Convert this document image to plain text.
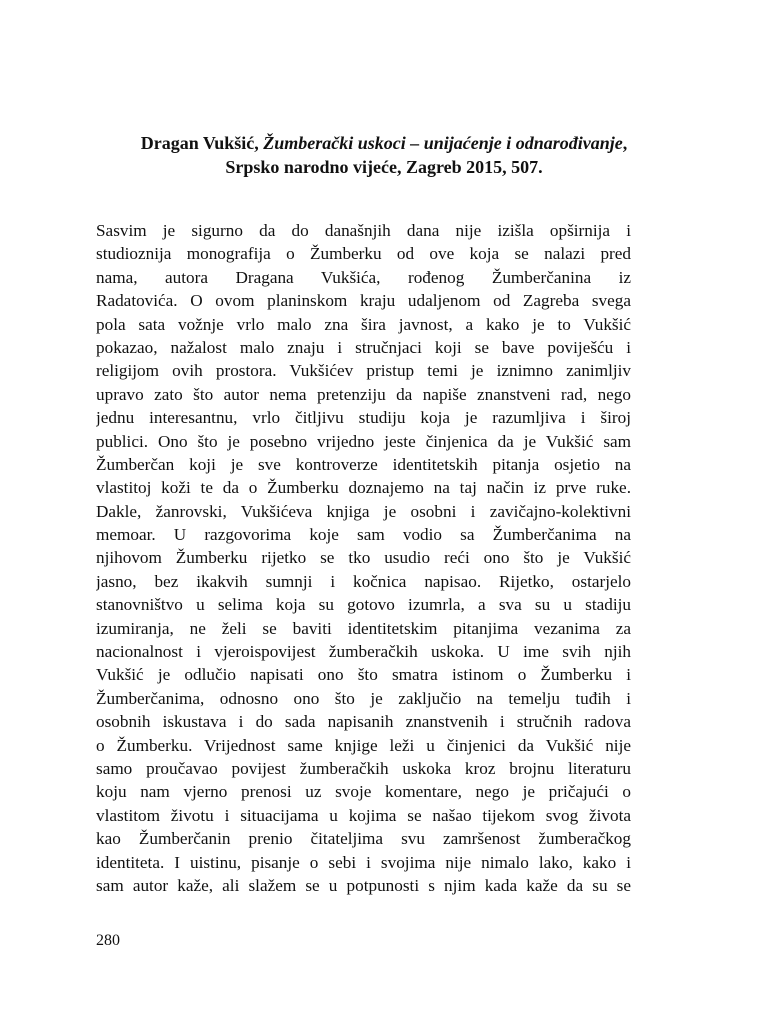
Dragan Vukšić, Žumberački uskoci – unijaćenje i odnarođivanje,
Srpsko narodno vijeće, Zagreb 2015, 507.
Sasvim je sigurno da do današnjih dana nije izišla opširnija i
studioznija monografija o Žumberku od ove koja se nalazi pred
nama, autora Dragana Vukšića, rođenog Žumberčanina iz
Radatovića. O ovom planinskom kraju udaljenom od Zagreba svega
pola sata vožnje vrlo malo zna šira javnost, a kako je to Vukšić
pokazao, nažalost malo znaju i stručnjaci koji se bave poviješću i
religijom ovih prostora. Vukšićev pristup temi je iznimno zanimljiv
upravo zato što autor nema pretenziju da napiše znanstveni rad, nego
jednu interesantnu, vrlo čitljivu studiju koja je razumljiva i široj
publici. Ono što je posebno vrijedno jeste činjenica da je Vukšić sam
Žumberčan koji je sve kontroverze identitetskih pitanja osjetio na
vlastitoj koži te da o Žumberku doznajemo na taj način iz prve ruke.
Dakle, žanrovski, Vukšićeva knjiga je osobni i zavičajno-kolektivni
memoar. U razgovorima koje sam vodio sa Žumberčanima na
njihovom Žumberku rijetko se tko usudio reći ono što je Vukšić
jasno, bez ikakvih sumnji i kočnica napisao. Rijetko, ostarjelo
stanovništvo u selima koja su gotovo izumrla, a sva su u stadiju
izumiranja, ne želi se baviti identitetskim pitanjima vezanima za
nacionalnost i vjeroispovijest žumberačkih uskoka. U ime svih njih
Vukšić je odlučio napisati ono što smatra istinom o Žumberku i
Žumberčanima, odnosno ono što je zaključio na temelju tuđih i
osobnih iskustava i do sada napisanih znanstvenih i stručnih radova
o Žumberku. Vrijednost same knjige leži u činjenici da Vukšić nije
samo proučavao povijest žumberačkih uskoka kroz brojnu literaturu
koju nam vjerno prenosi uz svoje komentare, nego je pričajući o
vlastitom životu i situacijama u kojima se našao tijekom svog života
kao Žumberčanin prenio čitateljima svu zamršenost žumberačkog
identiteta. I uistinu, pisanje o sebi i svojima nije nimalo lako, kako i
sam autor kaže, ali slažem se u potpunosti s njim kada kaže da su se
280
